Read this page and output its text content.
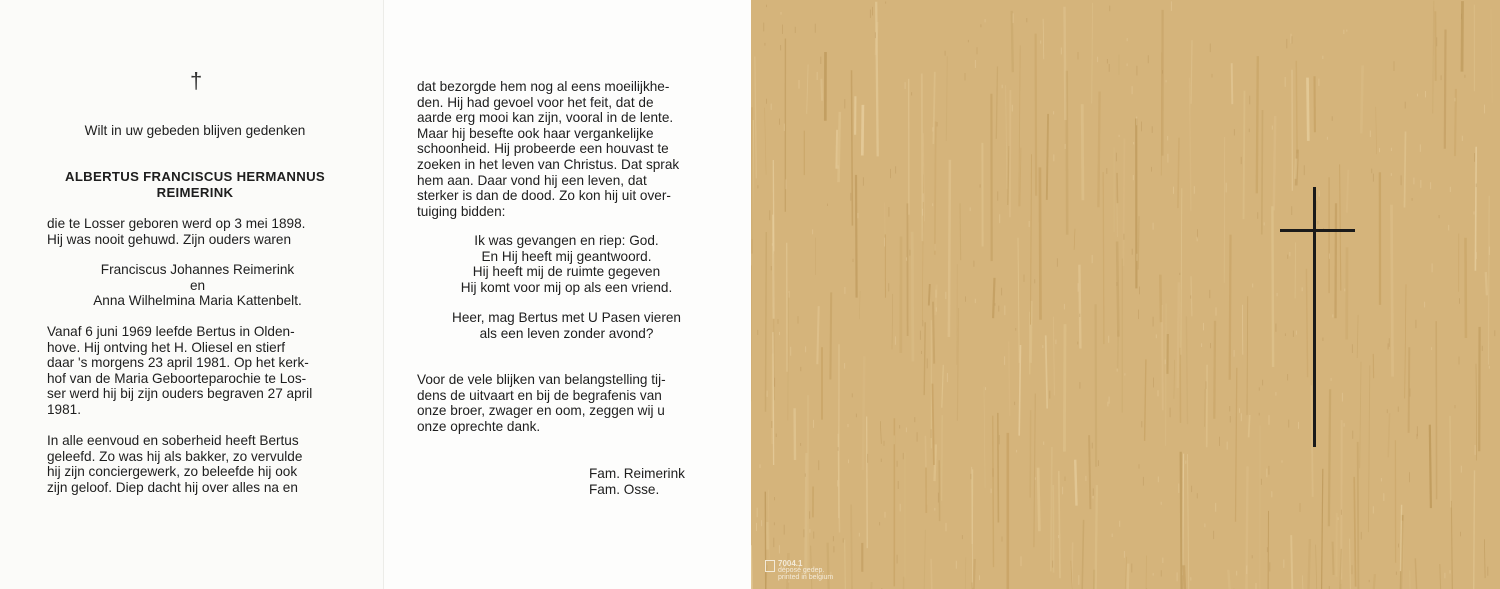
†
Wilt in uw gebeden blijven gedenken
ALBERTUS FRANCISCUS HERMANNUS
REIMERINK
die te Losser geboren werd op 3 mei 1898.
Hij was nooit gehuwd. Zijn ouders waren
Franciscus Johannes Reimerink
en
Anna Wilhelmina Maria Kattenbelt.
Vanaf 6 juni 1969 leefde Bertus in Olden-
hove. Hij ontving het H. Oliesel en stierf
daar 's morgens 23 april 1981. Op het kerk-
hof van de Maria Geboorteparochie te Los-
ser werd hij bij zijn ouders begraven 27 april
1981.
In alle eenvoud en soberheid heeft Bertus
geleefd. Zo was hij als bakker, zo vervulde
hij zijn conciergewerk, zo beleefde hij ook
zijn geloof. Diep dacht hij over alles na en
dat bezorgde hem nog al eens moeilijkhe-
den. Hij had gevoel voor het feit, dat de
aarde erg mooi kan zijn, vooral in de lente.
Maar hij besefte ook haar vergankelijke
schoonheid. Hij probeerde een houvast te
zoeken in het leven van Christus. Dat sprak
hem aan. Daar vond hij een leven, dat
sterker is dan de dood. Zo kon hij uit over-
tuiging bidden:
Ik was gevangen en riep: God.
En Hij heeft mij geantwoord.
Hij heeft mij de ruimte gegeven
Hij komt voor mij op als een vriend.
Heer, mag Bertus met U Pasen vieren
als een leven zonder avond?
Voor de vele blijken van belangstelling tij-
dens de uitvaart en bij de begrafenis van
onze broer, zwager en oom, zeggen wij u
onze oprechte dank.
Fam. Reimerink
Fam. Osse.
7004.1
déposé gedep.
printed in belgium
